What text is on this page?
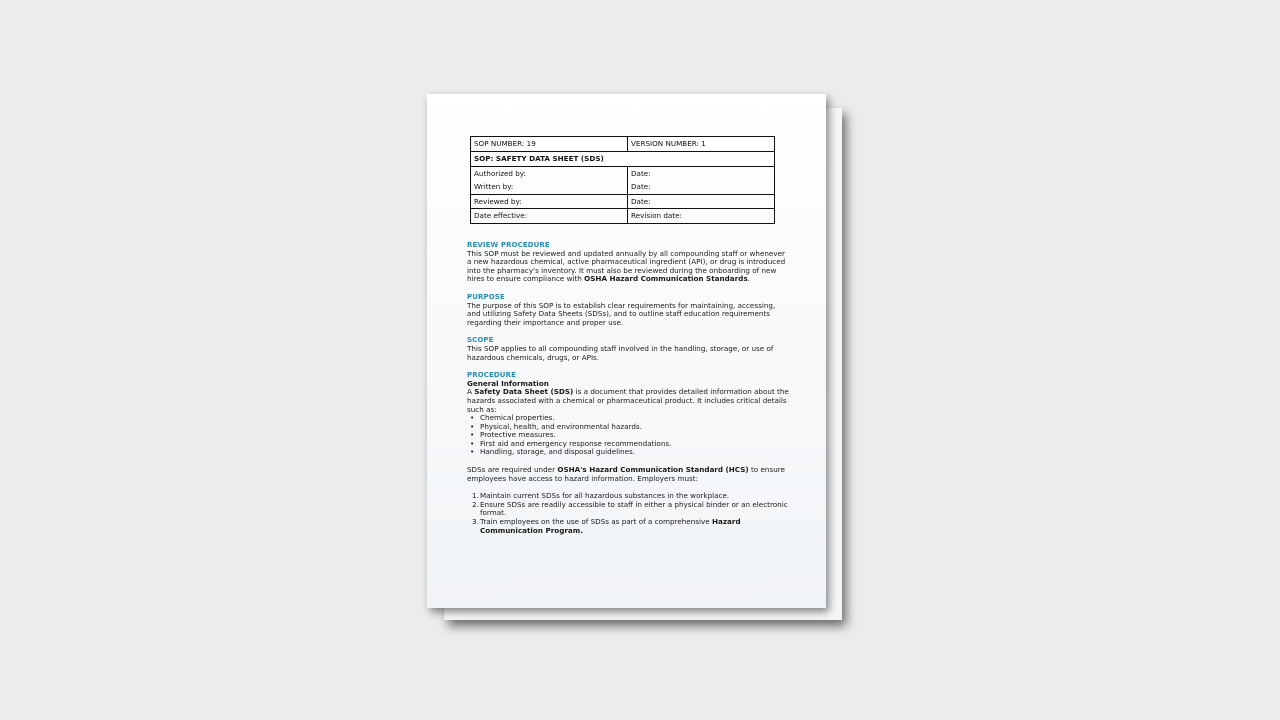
SOP NUMBER: 19	VERSION NUMBER: 1
SOP: SAFETY DATA SHEET (SDS)	
Authorized by:	Date:
Written by:	Date:
Reviewed by:	Date:
Date effective:	Revision date:
REVIEW PROCEDURE

This SOP must be reviewed and updated annually by all compounding staff or whenever a new hazardous chemical, active pharmaceutical ingredient (API), or drug is introduced into the pharmacy's inventory. It must also be reviewed during the onboarding of new hires to ensure compliance with OSHA Hazard Communication Standards.

PURPOSE

The purpose of this SOP is to establish clear requirements for maintaining, accessing, and utilizing Safety Data Sheets (SDSs), and to outline staff education requirements regarding their importance and proper use.

SCOPE

This SOP applies to all compounding staff involved in the handling, storage, or use of hazardous chemicals, drugs, or APIs.

PROCEDURE
General Information

A Safety Data Sheet (SDS) is a document that provides detailed information about the hazards associated with a chemical or pharmaceutical product. It includes critical details such as:

• Chemical properties.
• Physical, health, and environmental hazards.
• Protective measures.
• First aid and emergency response recommendations.
• Handling, storage, and disposal guidelines.

SDSs are required under OSHA's Hazard Communication Standard (HCS) to ensure employees have access to hazard information. Employers must:

1. Maintain current SDSs for all hazardous substances in the workplace.
2. Ensure SDSs are readily accessible to staff in either a physical binder or an electronic format.
3. Train employees on the use of SDSs as part of a comprehensive Hazard Communication Program.
